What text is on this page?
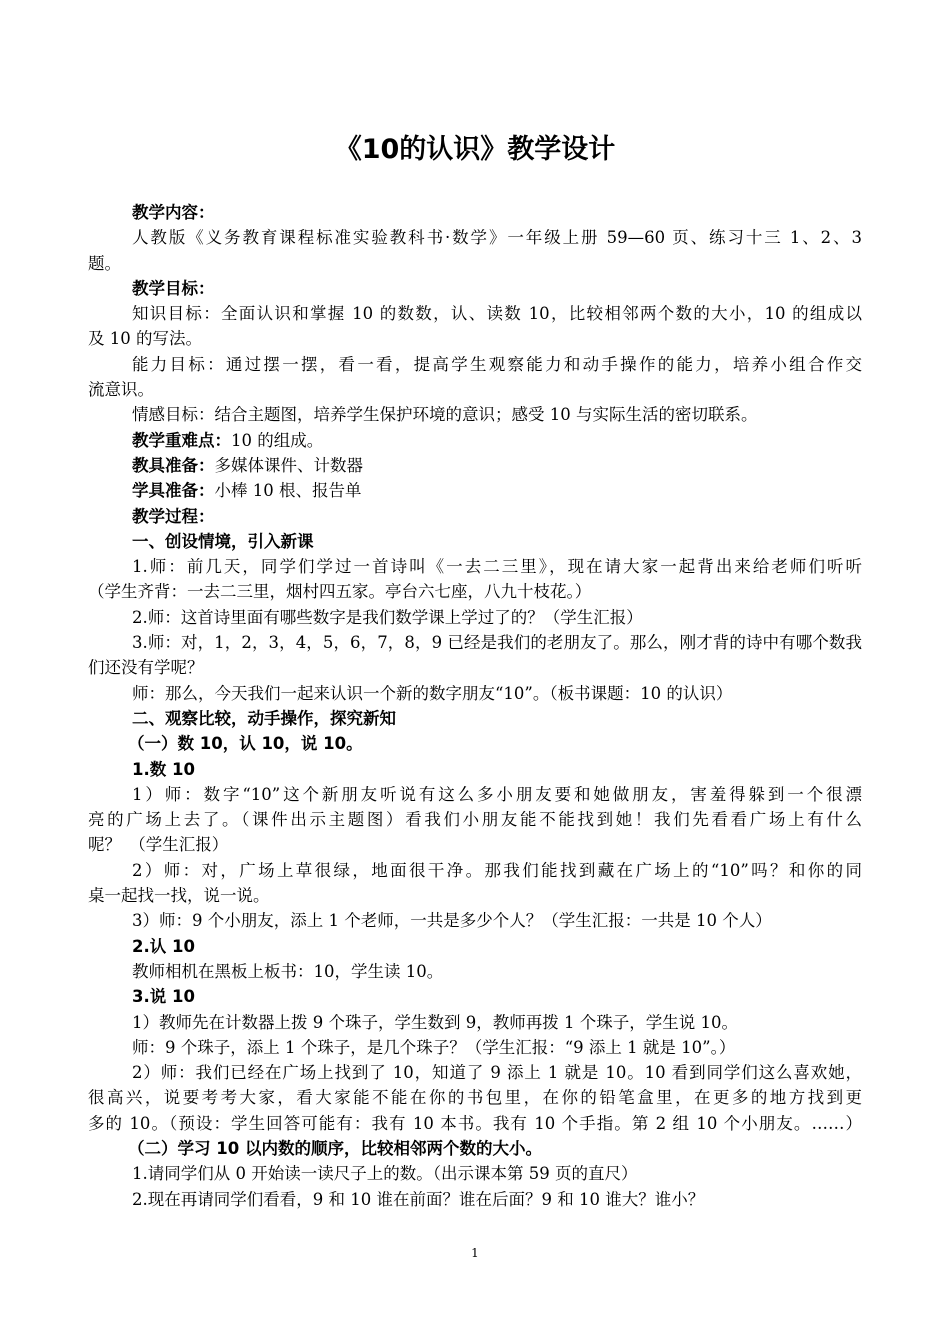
《10的认识》教学设计
教学内容：
人教版《义务教育课程标准实验教科书·数学》一年级上册 59—60 页、练习十三 1、2、3
题。
教学目标：
知识目标：全面认识和掌握 10 的数数，认、读数 10，比较相邻两个数的大小，10 的组成以
及 10 的写法。
能力目标：通过摆一摆，看一看，提高学生观察能力和动手操作的能力，培养小组合作交
流意识。
情感目标：结合主题图，培养学生保护环境的意识；感受 10 与实际生活的密切联系。
教学重难点：10 的组成。
教具准备：多媒体课件、计数器
学具准备：小棒 10 根、报告单
教学过程：
一、创设情境，引入新课
1.师：前几天，同学们学过一首诗叫《一去二三里》，现在请大家一起背出来给老师们听听
（学生齐背：一去二三里，烟村四五家。亭台六七座，八九十枝花。）
2.师：这首诗里面有哪些数字是我们数学课上学过了的？（学生汇报）
3.师：对，1，2，3，4，5，6，7，8，9 已经是我们的老朋友了。那么，刚才背的诗中有哪个数我
们还没有学呢？
师：那么，今天我们一起来认识一个新的数字朋友“10”。（板书课题：10 的认识）
二、观察比较，动手操作，探究新知
（一）数 10，认 10，说 10。
1.数 10
1）师：数字“10”这个新朋友听说有这么多小朋友要和她做朋友，害羞得躲到一个很漂
亮的广场上去了。（课件出示主题图）看我们小朋友能不能找到她！我们先看看广场上有什么
呢？　（学生汇报）
2）师：对，广场上草很绿，地面很干净。那我们能找到藏在广场上的“10”吗？和你的同
桌一起找一找，说一说。
3）师：9 个小朋友，添上 1 个老师，一共是多少个人？（学生汇报：一共是 10 个人）
2.认 10
教师相机在黑板上板书：10，学生读 10。
3.说 10
1）教师先在计数器上拨 9 个珠子，学生数到 9，教师再拨 1 个珠子，学生说 10。
师：9 个珠子，添上 1 个珠子，是几个珠子？（学生汇报：“9 添上 1 就是 10”。）
2）师：我们已经在广场上找到了 10，知道了 9 添上 1 就是 10。10 看到同学们这么喜欢她，
很高兴，说要考考大家，看大家能不能在你的书包里，在你的铅笔盒里，在更多的地方找到更
多的 10。（预设：学生回答可能有：我有 10 本书。我有 10 个手指。第 2 组 10 个小朋友。……）
（二）学习 10 以内数的顺序，比较相邻两个数的大小。
1.请同学们从 0 开始读一读尺子上的数。（出示课本第 59 页的直尺）
2.现在再请同学们看看，9 和 10 谁在前面？谁在后面？9 和 10 谁大？谁小？
1
